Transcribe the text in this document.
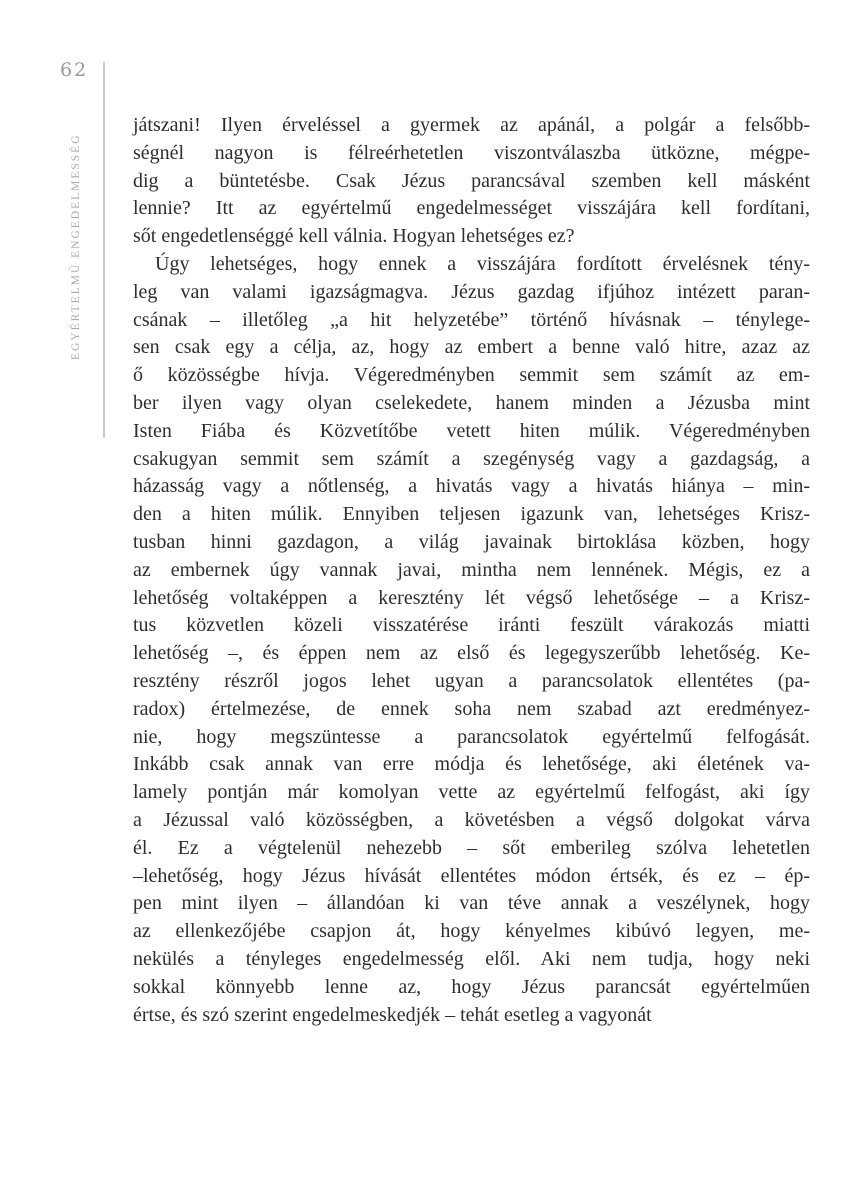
62
EGYÉRTELMŰ ENGEDELMESSÉG
játszani! Ilyen érveléssel a gyermek az apánál, a polgár a felsőbb-
ségnél nagyon is félreérhetetlen viszontválaszba ütközne, mégpe-
dig a büntetésbe. Csak Jézus parancsával szemben kell másként
lennie? Itt az egyértelmű engedelmességet visszájára kell fordítani,
sőt engedetlenséggé kell válnia. Hogyan lehetséges ez?
Úgy lehetséges, hogy ennek a visszájára fordított érvelésnek tény-
leg van valami igazságmagva. Jézus gazdag ifjúhoz intézett paran-
csának – illetőleg „a hit helyzetébe” történő hívásnak – ténylege-
sen csak egy a célja, az, hogy az embert a benne való hitre, azaz az
ő közösségbe hívja. Végeredményben semmit sem számít az em-
ber ilyen vagy olyan cselekedete, hanem minden a Jézusba mint
Isten Fiába és Közvetítőbe vetett hiten múlik. Végeredményben
csakugyan semmit sem számít a szegénység vagy a gazdagság, a
házasság vagy a nőtlenség, a hivatás vagy a hivatás hiánya – min-
den a hiten múlik. Ennyiben teljesen igazunk van, lehetséges Krisz-
tusban hinni gazdagon, a világ javainak birtoklása közben, hogy
az embernek úgy vannak javai, mintha nem lennének. Mégis, ez a
lehetőség voltaképpen a keresztény lét végső lehetősége – a Krisz-
tus közvetlen közeli visszatérése iránti feszült várakozás miatti
lehetőség –, és éppen nem az első és legegyszerűbb lehetőség. Ke-
resztény részről jogos lehet ugyan a parancsolatok ellentétes (pa-
radox) értelmezése, de ennek soha nem szabad azt eredményez-
nie, hogy megszüntesse a parancsolatok egyértelmű felfogását.
Inkább csak annak van erre módja és lehetősége, aki életének va-
lamely pontján már komolyan vette az egyértelmű felfogást, aki így
a Jézussal való közösségben, a követésben a végső dolgokat várva
él. Ez a végtelenül nehezebb – sőt emberileg szólva lehetetlen
–lehetőség, hogy Jézus hívását ellentétes módon értsék, és ez – ép-
pen mint ilyen – állandóan ki van téve annak a veszélynek, hogy
az ellenkezőjébe csapjon át, hogy kényelmes kibúvó legyen, me-
nekülés a tényleges engedelmesség elől. Aki nem tudja, hogy neki
sokkal könnyebb lenne az, hogy Jézus parancsát egyértelműen
értse, és szó szerint engedelmeskedjék – tehát esetleg a vagyonát
